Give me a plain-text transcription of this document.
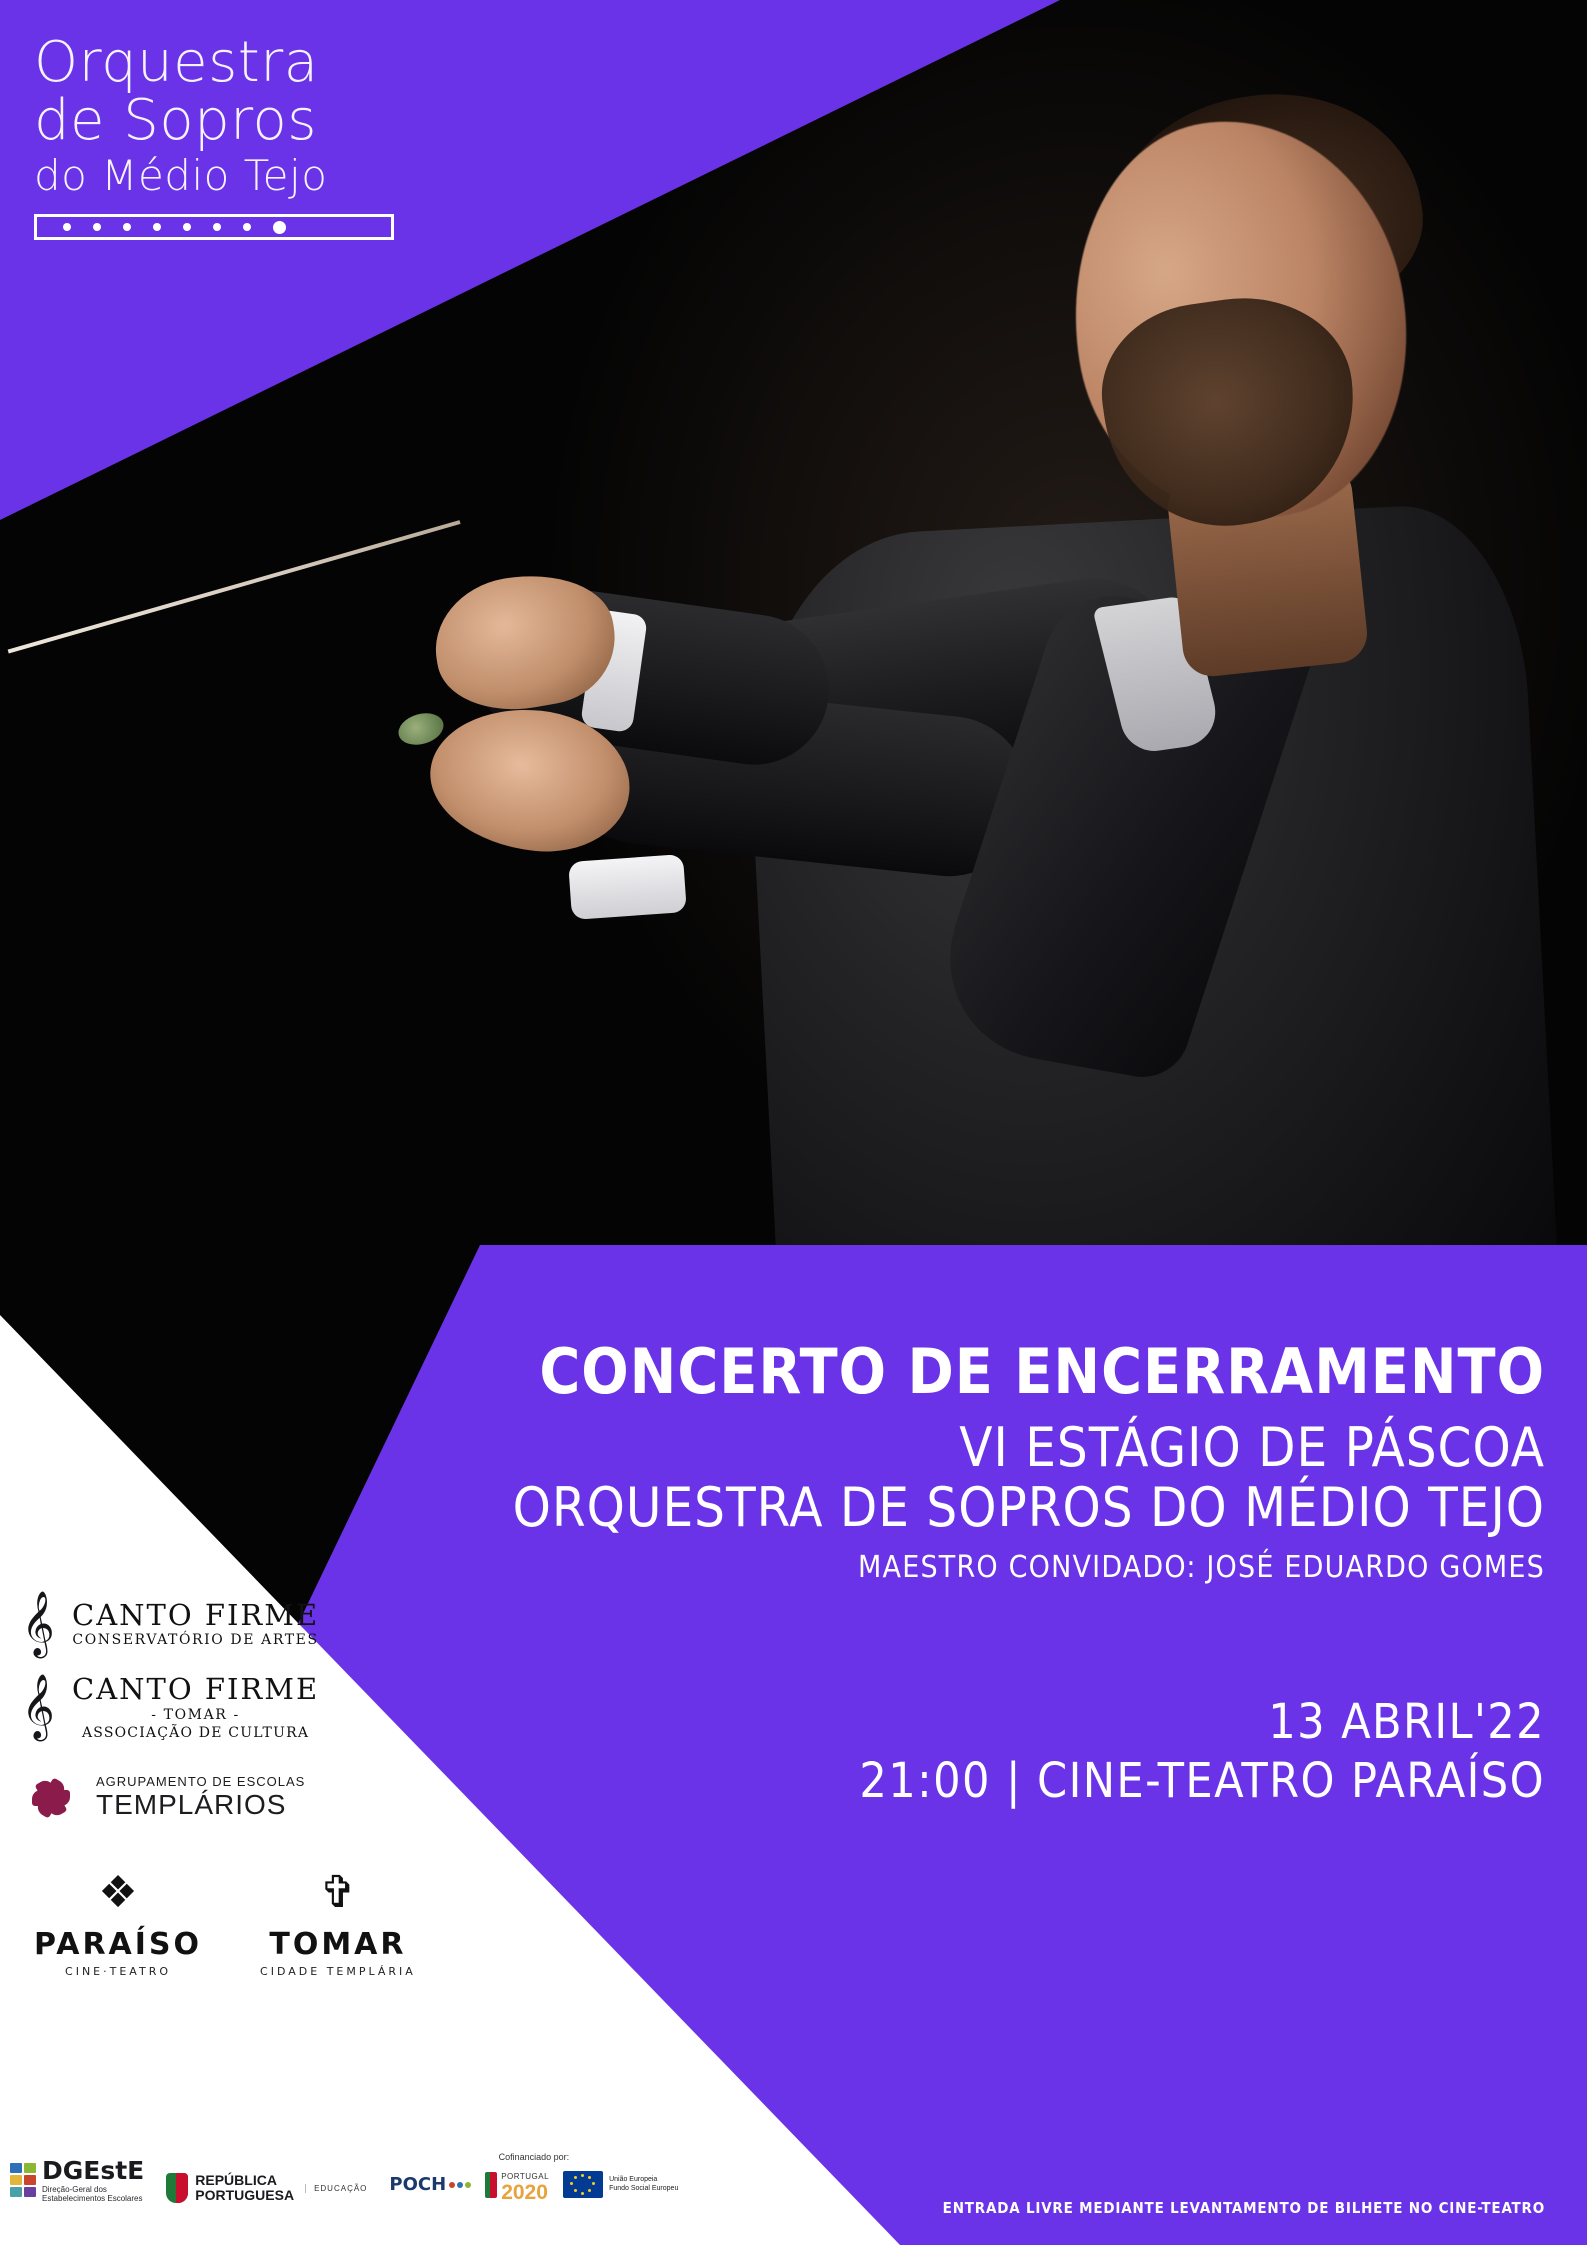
Orquestra
de Sopros
do Médio Tejo
CONCERTO DE ENCERRAMENTO
VI ESTÁGIO DE PÁSCOA
ORQUESTRA DE SOPROS DO MÉDIO TEJO
MAESTRO CONVIDADO: JOSÉ EDUARDO GOMES
13 ABRIL'22
21:00 | CINE-TEATRO PARAÍSO
ENTRADA LIVRE MEDIANTE LEVANTAMENTO DE BILHETE NO CINE-TEATRO
𝄞 CANTO FIRME
CONSERVATÓRIO DE ARTES
𝄞 CANTO FIRME
- TOMAR -
ASSOCIAÇÃO DE CULTURA
AGRUPAMENTO DE ESCOLAS
TEMPLÁRIOS
❖
PARAÍSO
CINE·TEATRO
✞
TOMAR
CIDADE TEMPLÁRIA
DGEstE
Direção-Geral dos
Estabelecimentos Escolares
REPÚBLICA
PORTUGUESA	EDUCAÇÃO
Cofinanciado por:
POCH	PORTUGAL
2020
União Europeia
Fundo Social Europeu
